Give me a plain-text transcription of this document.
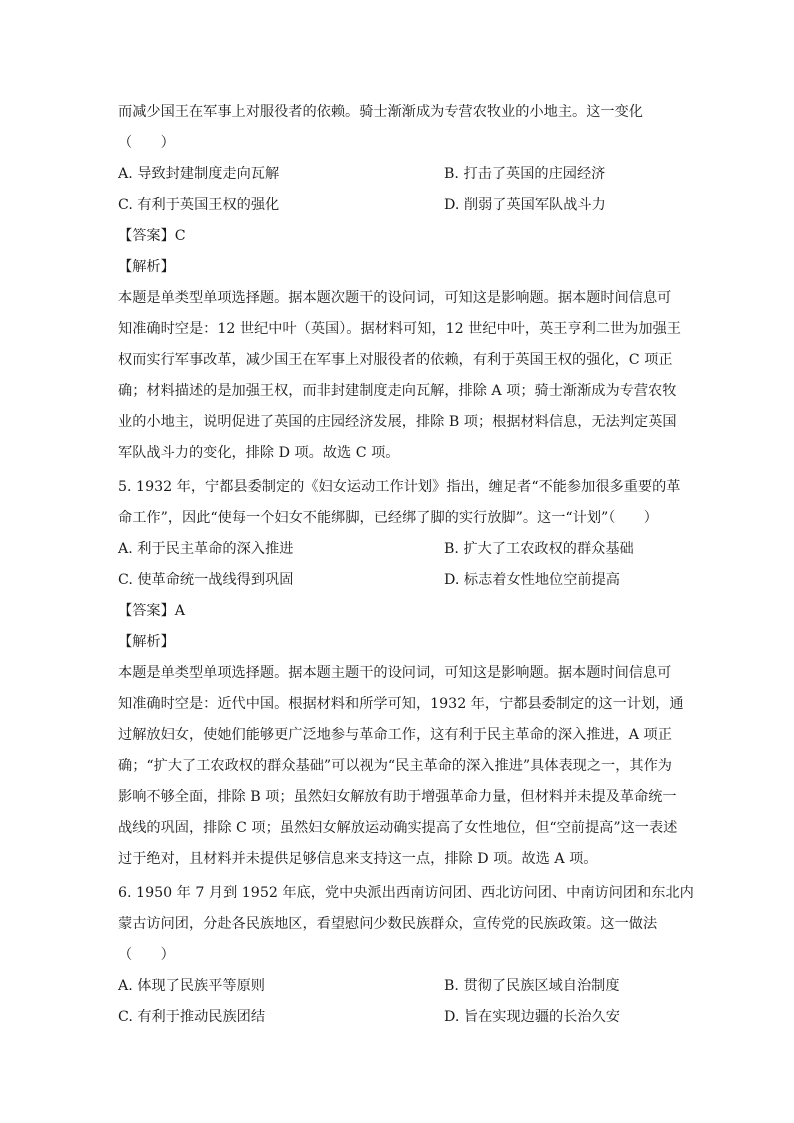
而减少国王在军事上对服役者的依赖。骑士渐渐成为专营农牧业的小地主。这一变化
（　　）
A. 导致封建制度走向瓦解	B. 打击了英国的庄园经济
C. 有利于英国王权的强化	D. 削弱了英国军队战斗力
【答案】C
【解析】
本题是单类型单项选择题。据本题次题干的设问词，可知这是影响题。据本题时间信息可
知准确时空是：12 世纪中叶（英国）。据材料可知，12 世纪中叶，英王亨利二世为加强王
权而实行军事改革，减少国王在军事上对服役者的依赖，有利于英国王权的强化，C 项正
确；材料描述的是加强王权，而非封建制度走向瓦解，排除 A 项；骑士渐渐成为专营农牧
业的小地主，说明促进了英国的庄园经济发展，排除 B 项；根据材料信息，无法判定英国
军队战斗力的变化，排除 D 项。故选 C 项。
5. 1932 年，宁都县委制定的《妇女运动工作计划》指出，缠足者“不能参加很多重要的革
命工作”，因此“使每一个妇女不能绑脚，已经绑了脚的实行放脚”。这一“计划”（　　）
A. 利于民主革命的深入推进	B. 扩大了工农政权的群众基础
C. 使革命统一战线得到巩固	D. 标志着女性地位空前提高
【答案】A
【解析】
本题是单类型单项选择题。据本题主题干的设问词，可知这是影响题。据本题时间信息可
知准确时空是：近代中国。根据材料和所学可知，1932 年，宁都县委制定的这一计划，通
过解放妇女，使她们能够更广泛地参与革命工作，这有利于民主革命的深入推进，A 项正
确；“扩大了工农政权的群众基础”可以视为“民主革命的深入推进”具体表现之一，其作为
影响不够全面，排除 B 项；虽然妇女解放有助于增强革命力量，但材料并未提及革命统一
战线的巩固，排除 C 项；虽然妇女解放运动确实提高了女性地位，但“空前提高”这一表述
过于绝对，且材料并未提供足够信息来支持这一点，排除 D 项。故选 A 项。
6. 1950 年 7 月到 1952 年底，党中央派出西南访问团、西北访问团、中南访问团和东北内
蒙古访问团，分赴各民族地区，看望慰问少数民族群众，宣传党的民族政策。这一做法
（　　）
A. 体现了民族平等原则	B. 贯彻了民族区域自治制度
C. 有利于推动民族团结	D. 旨在实现边疆的长治久安
